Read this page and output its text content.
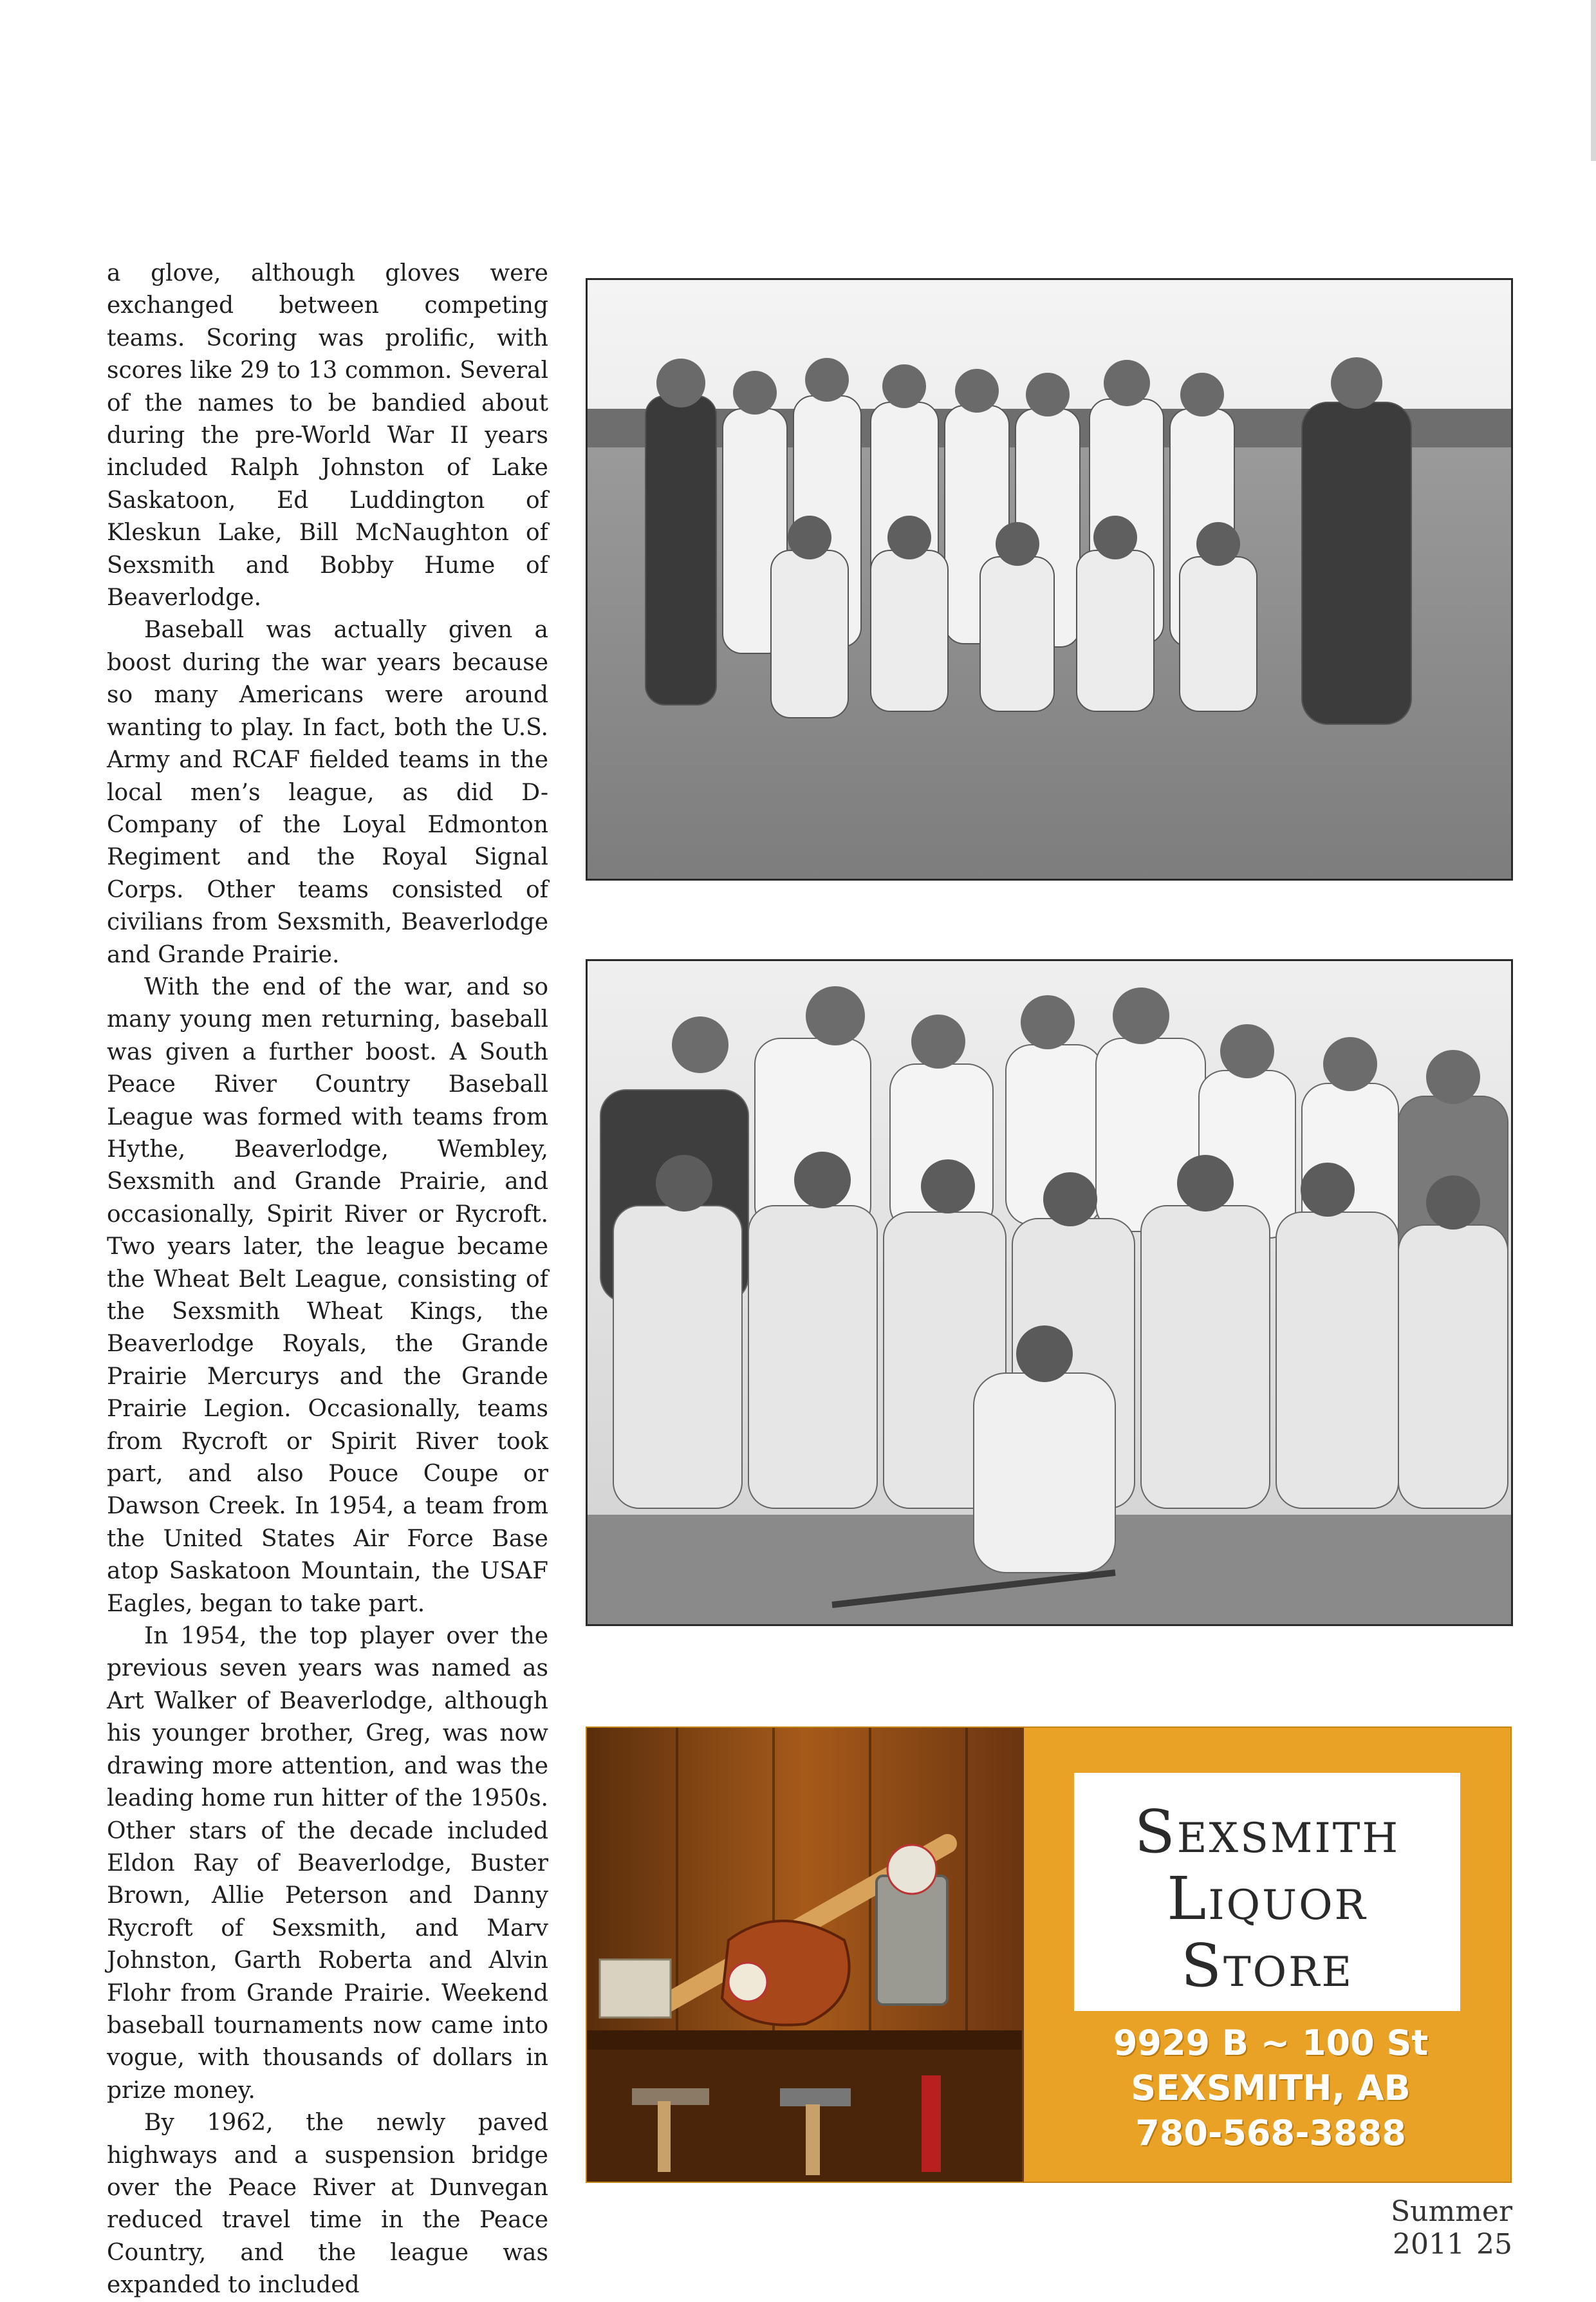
a glove, although gloves were exchanged between competing teams. Scoring was prolific, with scores like 29 to 13 common. Several of the names to be bandied about during the pre-World War II years included Ralph Johnston of Lake Saskatoon, Ed Luddington of Kleskun Lake, Bill McNaughton of Sexsmith and Bobby Hume of Beaverlodge.

Baseball was actually given a boost during the war years because so many Americans were around wanting to play. In fact, both the U.S. Army and RCAF fielded teams in the local men’s league, as did D-Company of the Loyal Edmonton Regiment and the Royal Signal Corps. Other teams consisted of civilians from Sexsmith, Beaverlodge and Grande Prairie.

With the end of the war, and so many young men returning, baseball was given a further boost. A South Peace River Country Baseball League was formed with teams from Hythe, Beaverlodge, Wembley, Sexsmith and Grande Prairie, and occasionally, Spirit River or Rycroft. Two years later, the league became the Wheat Belt League, consisting of the Sexsmith Wheat Kings, the Beaverlodge Royals, the Grande Prairie Mercurys and the Grande Prairie Legion. Occasionally, teams from Rycroft or Spirit River took part, and also Pouce Coupe or Dawson Creek. In 1954, a team from the United States Air Force Base atop Saskatoon Mountain, the USAF Eagles, began to take part.

In 1954, the top player over the previous seven years was named as Art Walker of Beaverlodge, although his younger brother, Greg, was now drawing more attention, and was the leading home run hitter of the 1950s. Other stars of the decade included Eldon Ray of Beaverlodge, Buster Brown, Allie Peterson and Danny Rycroft of Sexsmith, and Marv Johnston, Garth Roberta and Alvin Flohr from Grande Prairie. Weekend baseball tournaments now came into vogue, with thousands of dollars in prize money.

By 1962, the newly paved highways and a suspension bridge over the Peace River at Dunvegan reduced travel time in the Peace Country, and the league was expanded to included

Sexsmith
Liquor
Store
9929 B ~ 100 St
SEXSMITH, AB
780-568-3888
Summer 2011 25
